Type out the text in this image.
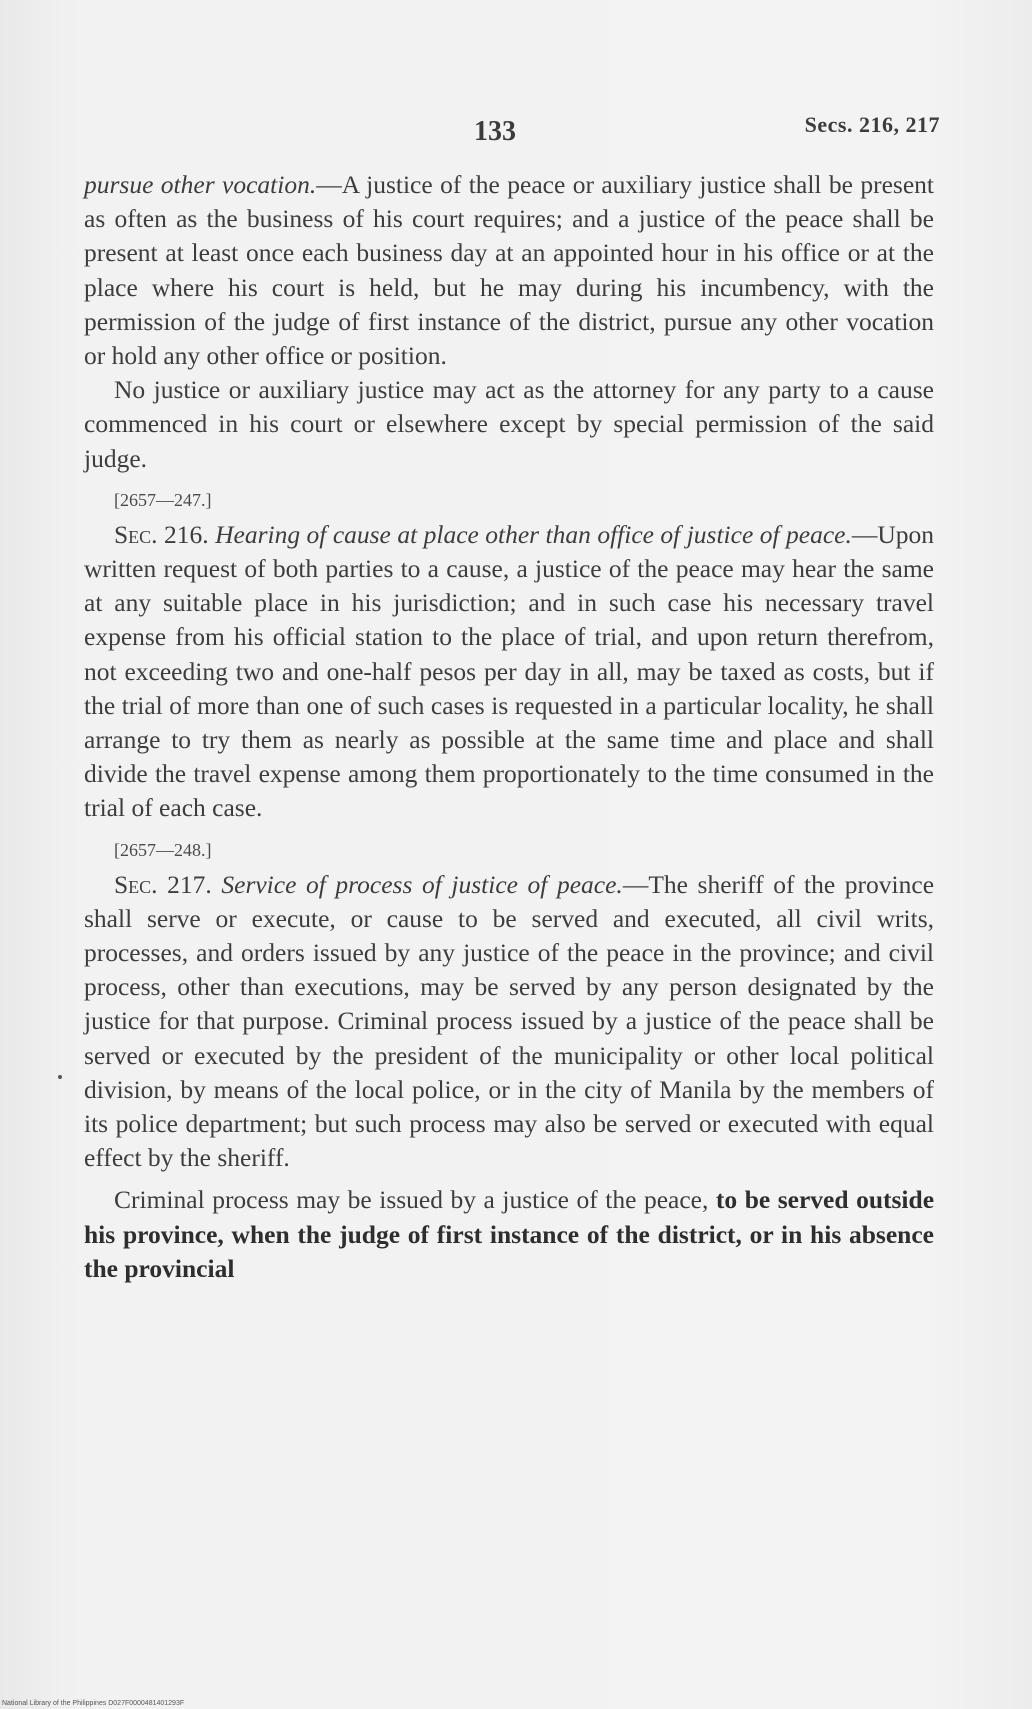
133	Secs. 216, 217

pursue other vocation.—A justice of the peace or auxiliary justice shall be present as often as the business of his court requires; and a justice of the peace shall be present at least once each business day at an appointed hour in his office or at the place where his court is held, but he may during his incumbency, with the permission of the judge of first instance of the district, pursue any other vocation or hold any other office or position.

No justice or auxiliary justice may act as the attorney for any party to a cause commenced in his court or elsewhere except by special permission of the said judge.

[2657—247.]

Sec. 216. Hearing of cause at place other than office of justice of peace.—Upon written request of both parties to a cause, a justice of the peace may hear the same at any suitable place in his jurisdiction; and in such case his necessary travel expense from his official station to the place of trial, and upon return therefrom, not exceeding two and one-half pesos per day in all, may be taxed as costs, but if the trial of more than one of such cases is requested in a particular locality, he shall arrange to try them as nearly as possible at the same time and place and shall divide the travel expense among them proportionately to the time consumed in the trial of each case.

[2657—248.]

Sec. 217. Service of process of justice of peace.—The sheriff of the province shall serve or execute, or cause to be served and executed, all civil writs, processes, and orders issued by any justice of the peace in the province; and civil process, other than executions, may be served by any person designated by the justice for that purpose. Criminal process issued by a justice of the peace shall be served or executed by the president of the municipality or other local political division, by means of the local police, or in the city of Manila by the members of its police department; but such process may also be served or executed with equal effect by the sheriff.

Criminal process may be issued by a justice of the peace, to be served outside his province, when the judge of first instance of the district, or in his absence the provincial

National Library of the Philippines D027F0000481401293F
